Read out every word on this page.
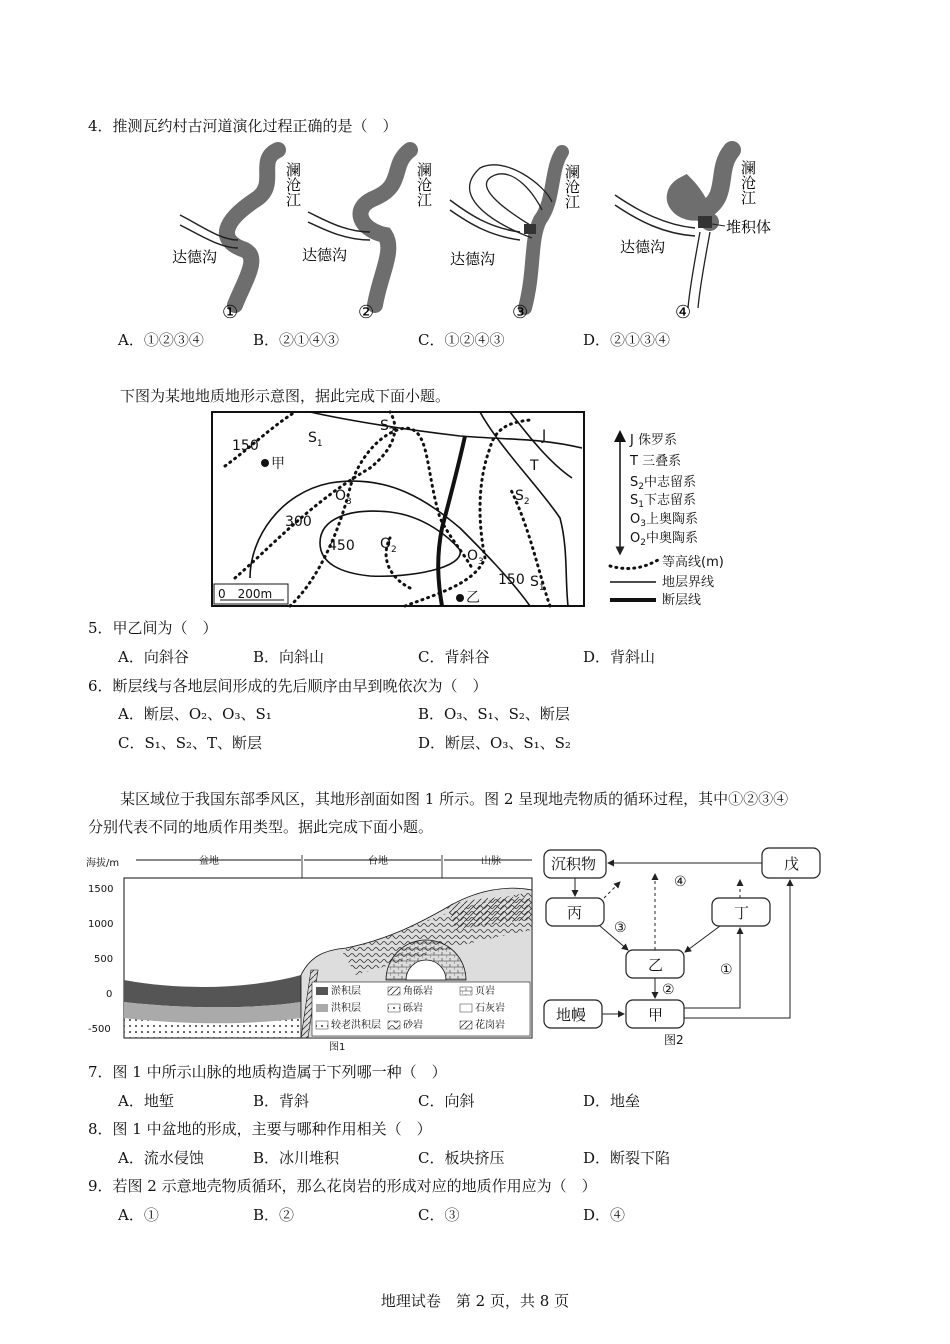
4．推测瓦约村古河道演化过程正确的是（　）
澜沧江
达德沟
①
澜沧江
达德沟
②
澜沧江
达德沟
③
澜沧江
达德沟
堆积体
④
A．①②③④	B．②①④③	C．①②④③	D．②①③④
下图为某地地质地形示意图，据此完成下面小题。
$S_1$
$S_2$	J
T
$S_2$
$O_3$
$O_2$	$O_3$
$S_1$
150
300
450
150
甲
乙
0　200m
J 侏罗系
T 三叠系
$S_2$中志留系
$S_1$下志留系
$O_3$上奥陶系
$O_2$中奥陶系
等高线(m)
地层界线
断层线
5．甲乙间为（　）
A．向斜谷	B．向斜山	C．背斜谷	D．背斜山
6．断层线与各地层间形成的先后顺序由早到晚依次为（　）
A．断层、O₂、O₃、S₁	B．O₃、S₁、S₂、断层
C．S₁、S₂、T、断层	D．断层、O₃、S₁、S₂
某区域位于我国东部季风区，其地形剖面如图 1 所示。图 2 呈现地壳物质的循环过程，其中①②③④
分别代表不同的地质作用类型。据此完成下面小题。
海拔/m	盆地	台地	山脉
1500
1000
500
0
-500
淤积层	角砾岩	页岩
洪积层	砾岩	石灰岩
较老洪积层 砂岩	花岗岩
图1
沉积物	戊
丙	丁
乙
地幔	甲
④
③
①
②
图2
7．图 1 中所示山脉的地质构造属于下列哪一种（　）
A．地堑	B．背斜	C．向斜	D．地垒
8．图 1 中盆地的形成，主要与哪种作用相关（　）
A．流水侵蚀	B．冰川堆积	C．板块挤压	D．断裂下陷
9．若图 2 示意地壳物质循环，那么花岗岩的形成对应的地质作用应为（　）
A．①	B．②	C．③	D．④
地理试卷　第 2 页，共 8 页
